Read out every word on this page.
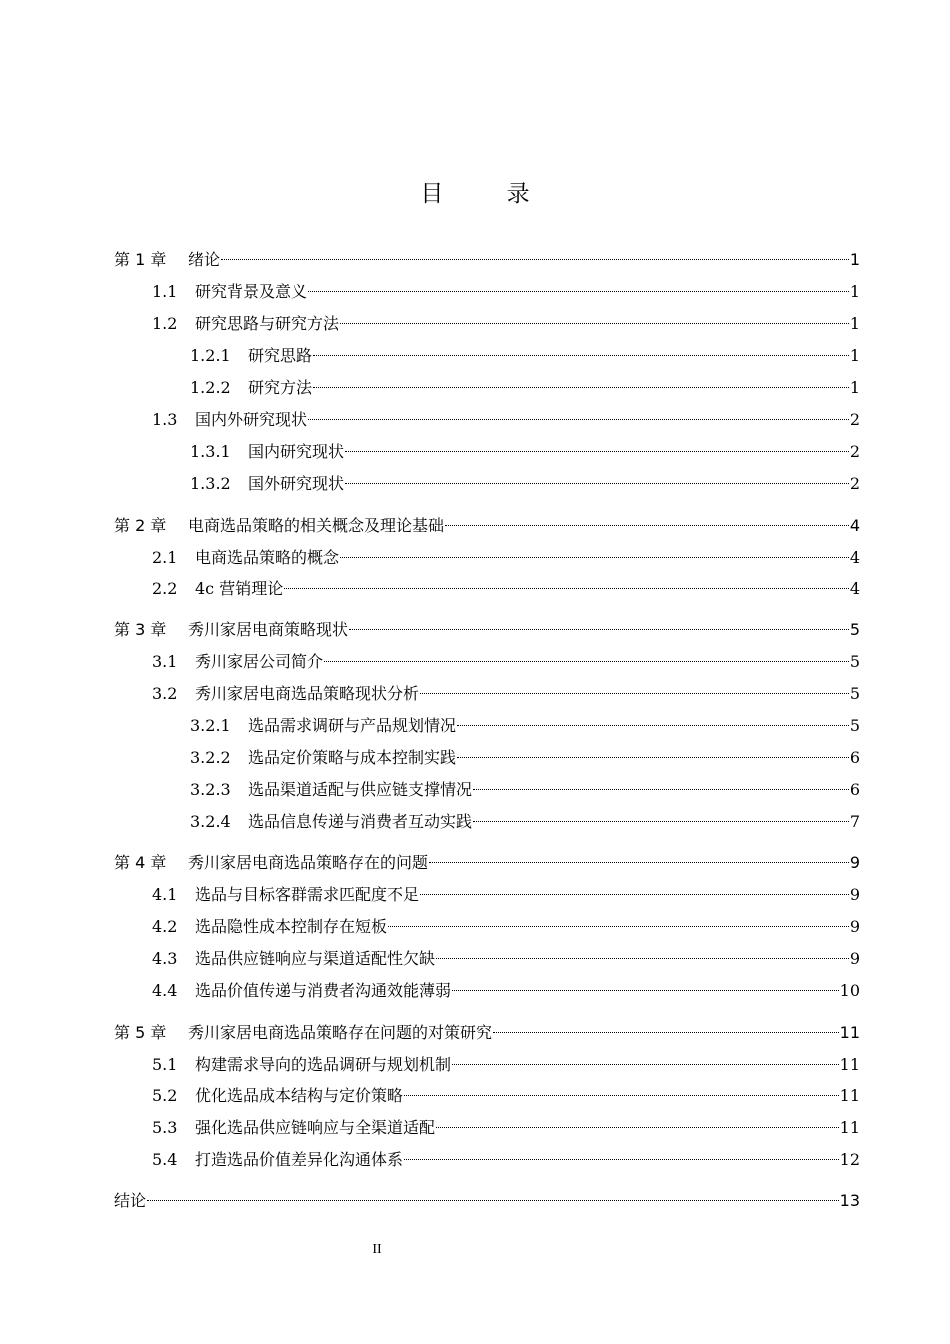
目 录
第 1 章	绪论	1
1.1	研究背景及意义	1
1.2	研究思路与研究方法	1
1.2.1	研究思路	1
1.2.2	研究方法	1
1.3	国内外研究现状	2
1.3.1	国内研究现状	2
1.3.2	国外研究现状	2
第 2 章	电商选品策略的相关概念及理论基础	4
2.1	电商选品策略的概念	4
2.2	4c 营销理论	4
第 3 章	秀川家居电商策略现状	5
3.1	秀川家居公司简介	5
3.2	秀川家居电商选品策略现状分析	5
3.2.1	选品需求调研与产品规划情况	5
3.2.2	选品定价策略与成本控制实践	6
3.2.3	选品渠道适配与供应链支撑情况	6
3.2.4	选品信息传递与消费者互动实践	7
第 4 章	秀川家居电商选品策略存在的问题	9
4.1	选品与目标客群需求匹配度不足	9
4.2	选品隐性成本控制存在短板	9
4.3	选品供应链响应与渠道适配性欠缺	9
4.4	选品价值传递与消费者沟通效能薄弱	10
第 5 章	秀川家居电商选品策略存在问题的对策研究	11
5.1	构建需求导向的选品调研与规划机制	11
5.2	优化选品成本结构与定价策略	11
5.3	强化选品供应链响应与全渠道适配	11
5.4	打造选品价值差异化沟通体系	12
结论	13
II
